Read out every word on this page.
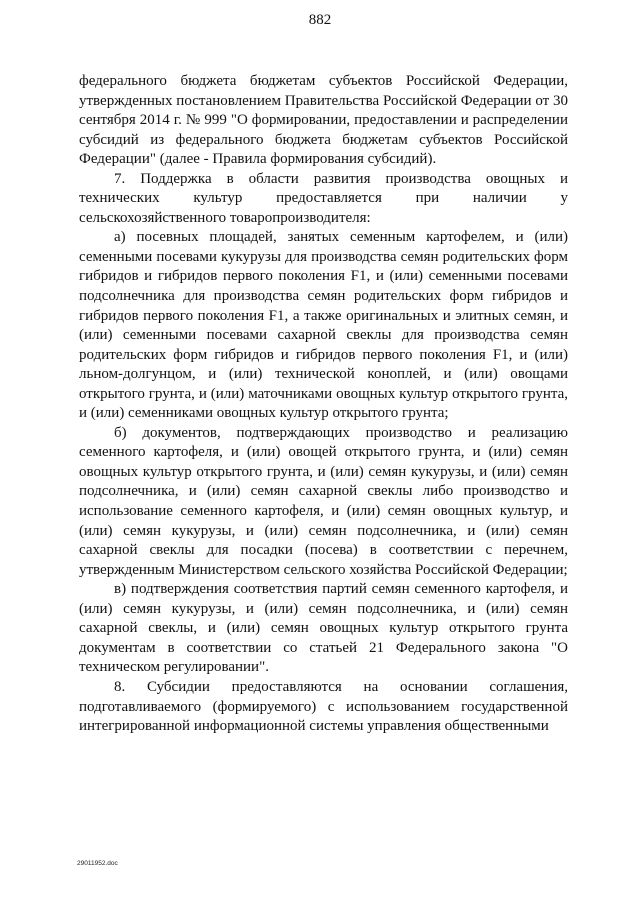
882

федерального бюджета бюджетам субъектов Российской Федерации, утвержденных постановлением Правительства Российской Федерации от 30 сентября 2014 г. № 999 "О формировании, предоставлении и распределении субсидий из федерального бюджета бюджетам субъектов Российской Федерации" (далее - Правила формирования субсидий).

7. Поддержка в области развития производства овощных и технических культур предоставляется при наличии у сельскохозяйственного товаропроизводителя:

а) посевных площадей, занятых семенным картофелем, и (или) семенными посевами кукурузы для производства семян родительских форм гибридов и гибридов первого поколения F1, и (или) семенными посевами подсолнечника для производства семян родительских форм гибридов и гибридов первого поколения F1, а также оригинальных и элитных семян, и (или) семенными посевами сахарной свеклы для производства семян родительских форм гибридов и гибридов первого поколения F1, и (или) льном-долгунцом, и (или) технической коноплей, и (или) овощами открытого грунта, и (или) маточниками овощных культур открытого грунта, и (или) семенниками овощных культур открытого грунта;

б) документов, подтверждающих производство и реализацию семенного картофеля, и (или) овощей открытого грунта, и (или) семян овощных культур открытого грунта, и (или) семян кукурузы, и (или) семян подсолнечника, и (или) семян сахарной свеклы либо производство и использование семенного картофеля, и (или) семян овощных культур, и (или) семян кукурузы, и (или) семян подсолнечника, и (или) семян сахарной свеклы для посадки (посева) в соответствии с перечнем, утвержденным Министерством сельского хозяйства Российской Федерации;

в) подтверждения соответствия партий семян семенного картофеля, и (или) семян кукурузы, и (или) семян подсолнечника, и (или) семян сахарной свеклы, и (или) семян овощных культур открытого грунта документам в соответствии со статьей 21 Федерального закона "О техническом регулировании".

8. Субсидии предоставляются на основании соглашения, подготавливаемого (формируемого) с использованием государственной интегрированной информационной системы управления общественными

29011952.doc
